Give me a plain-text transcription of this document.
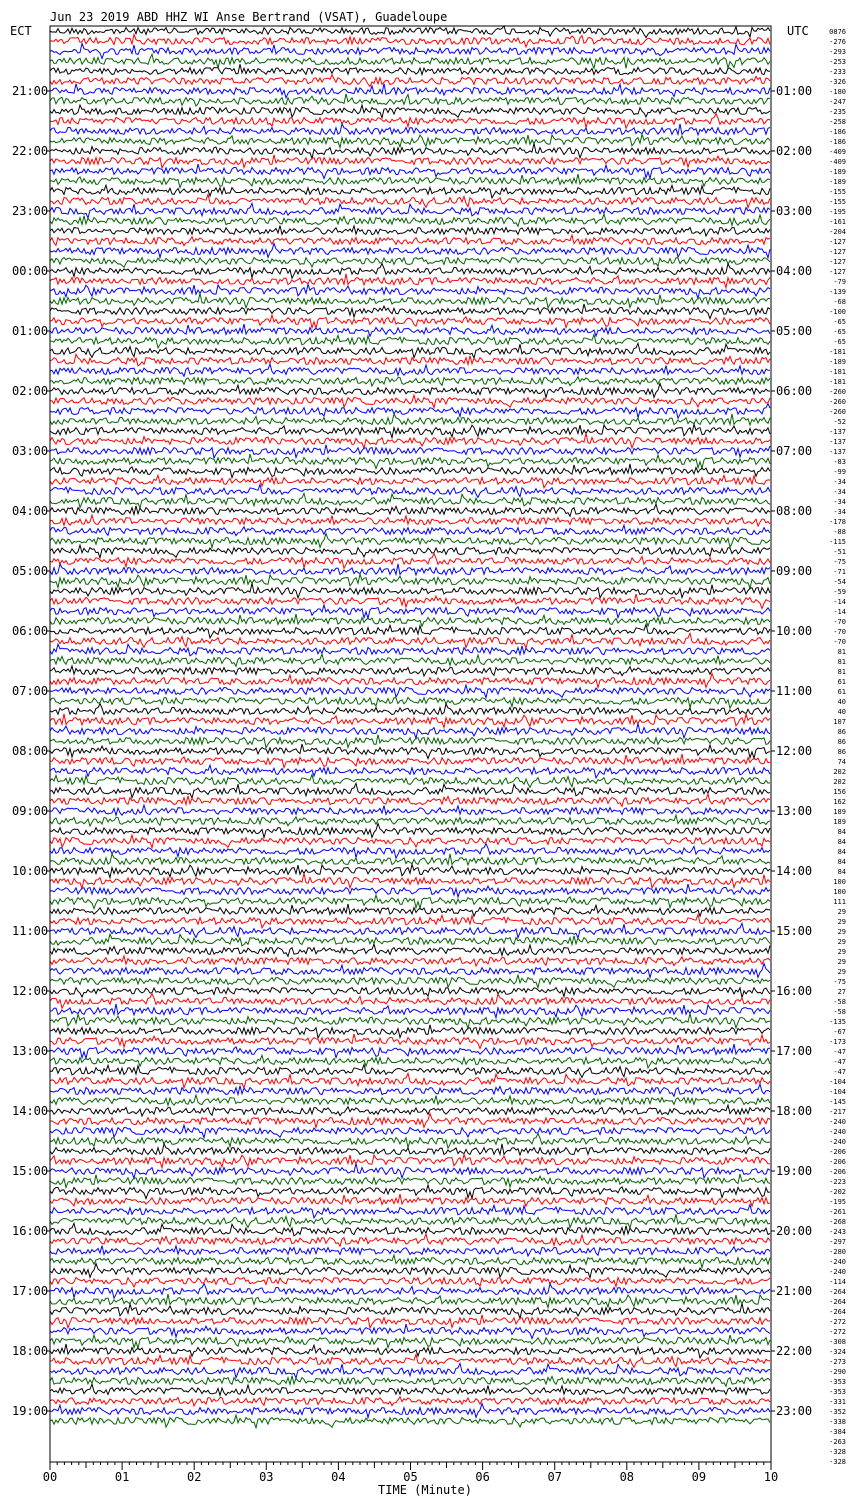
Jun 23 2019 ABD HHZ WI Anse Bertrand (VSAT), Guadeloupe
ECT	UTC
21:00
22:00
23:00
00:00
01:00
02:00
03:00
04:00
05:00
06:00
07:00
08:00
09:00
10:00
11:00
12:00
13:00
14:00
15:00
16:00
17:00
18:00
19:00
01:00
02:00
03:00
04:00
05:00
06:00
07:00
08:00
09:00
10:00
11:00
12:00
13:00
14:00
15:00
16:00
17:00
18:00
19:00
20:00
21:00
22:00
23:00
0876
-276
-293
-253
-233
-326
-180
-247
-235
-258
-186
-186
-409
-409
-189
-189
-155
-155
-195
-161
-204
-127
-127
-127
-127
-79
-139
-68
-100
-65
-65
-65
-181
-189
-181
-181
-260
-260
-260
-52
-137
-137
-137
-83
-99
-34
-34
-34
-34
-178
-88
-115
-51
-75
-71
-54
-59
-14
-14
-70
-70
-70
81
81
81
61
61
40
40
107
86
86
86
74
202
202
156
162
189
189
84
84
84
84
84
100
100
111
29
29
29
29
29
29
29
-75
27
-58
-58
-135
-67
-173
-47
-47
-47
-104
-104
-145
-217
-240
-240
-240
-206
-206
-206
-223
-202
-195
-261
-268
-243
-297
-280
-240
-240
-114
-264
-264
-264
-272
-272
-308
-324
-273
-290
-353
-353
-331
-352
-338
-384
-263
-328
-328
00	01	02	03	04	05	06	07	08	09	10
TIME (Minute)
